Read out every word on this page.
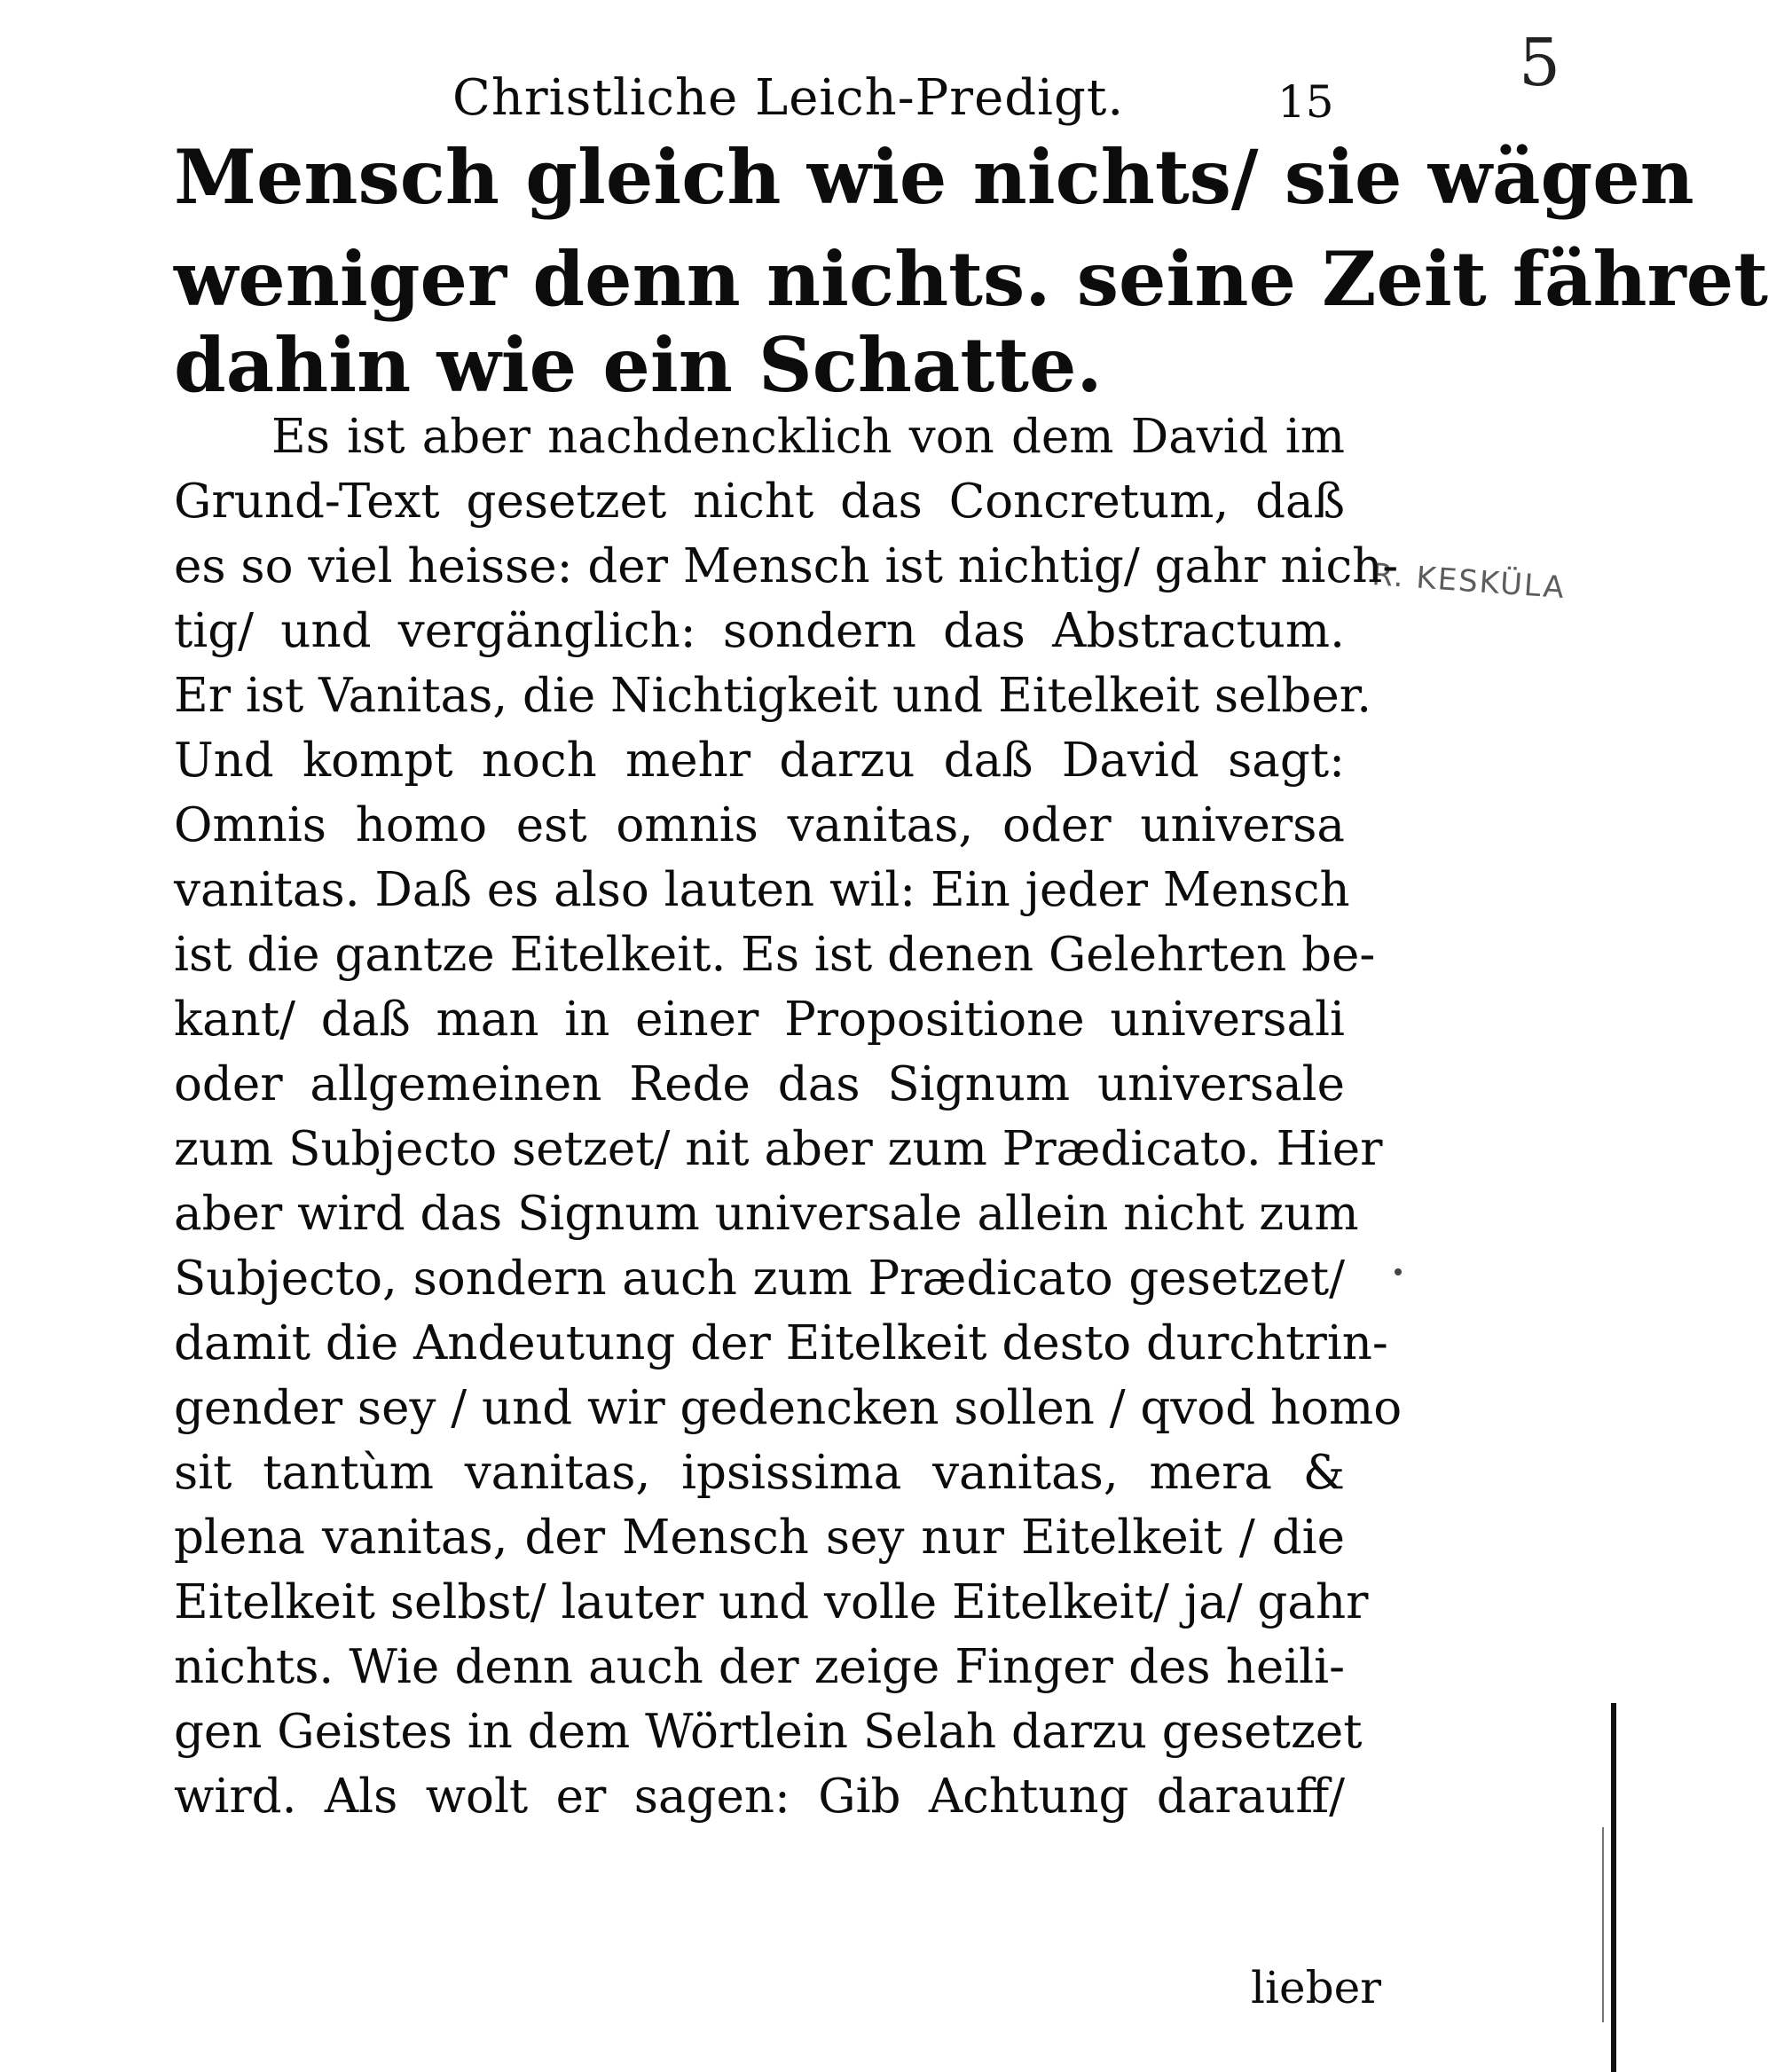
Christliche Leich-Predigt.	15
5
R. KESKÜLA
Mensch gleich wie nichts/ sie wägen
weniger denn nichts. seine Zeit fähret
dahin wie ein Schatte.
Es ist aber nachdencklich von dem David im
Grund-Text gesetzet nicht das Concretum, daß
es so viel heisse: der Mensch ist nichtig/ gahr nich-
tig/ und vergänglich: sondern das Abstractum.
Er ist Vanitas, die Nichtigkeit und Eitelkeit selber.
Und kompt noch mehr darzu daß David sagt:
Omnis homo est omnis vanitas, oder universa
vanitas. Daß es also lauten wil: Ein jeder Mensch
ist die gantze Eitelkeit. Es ist denen Gelehrten be-
kant/ daß man in einer Propositione universali
oder allgemeinen Rede das Signum universale
zum Subjecto setzet/ nit aber zum Prædicato. Hier
aber wird das Signum universale allein nicht zum
Subjecto, sondern auch zum Prædicato gesetzet/
damit die Andeutung der Eitelkeit desto durchtrin-
gender sey / und wir gedencken sollen / qvod homo
sit tantùm vanitas, ipsissima vanitas, mera &
plena vanitas, der Mensch sey nur Eitelkeit / die
Eitelkeit selbst/ lauter und volle Eitelkeit/ ja/ gahr
nichts. Wie denn auch der zeige Finger des heili-
gen Geistes in dem Wörtlein Selah darzu gesetzet
wird. Als wolt er sagen: Gib Achtung darauff/
lieber
